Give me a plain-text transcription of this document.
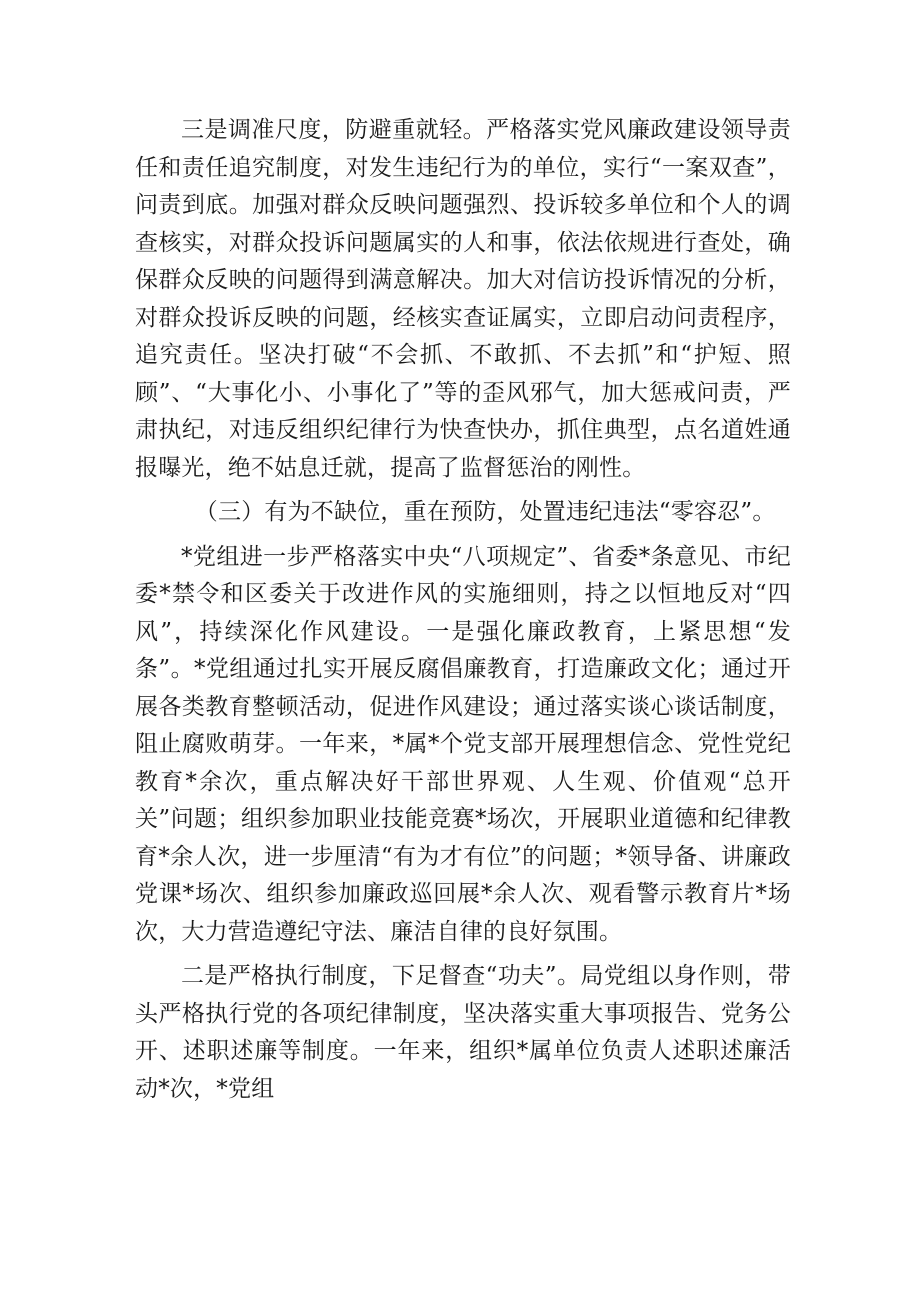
三是调准尺度，防避重就轻。严格落实党风廉政建设领导责任和责任追究制度，对发生违纪行为的单位，实行“一案双查”，问责到底。加强对群众反映问题强烈、投诉较多单位和个人的调查核实，对群众投诉问题属实的人和事，依法依规进行查处，确保群众反映的问题得到满意解决。加大对信访投诉情况的分析，对群众投诉反映的问题，经核实查证属实，立即启动问责程序，追究责任。坚决打破“不会抓、不敢抓、不去抓”和“护短、照顾”、“大事化小、小事化了”等的歪风邪气，加大惩戒问责，严肃执纪，对违反组织纪律行为快查快办，抓住典型，点名道姓通报曝光，绝不姑息迁就，提高了监督惩治的刚性。

（三）有为不缺位，重在预防，处置违纪违法“零容忍”。

*党组进一步严格落实中央“八项规定”、省委*条意见、市纪委*禁令和区委关于改进作风的实施细则，持之以恒地反对“四风”，持续深化作风建设。一是强化廉政教育，上紧思想“发条”。*党组通过扎实开展反腐倡廉教育，打造廉政文化；通过开展各类教育整顿活动，促进作风建设；通过落实谈心谈话制度，阻止腐败萌芽。一年来，*属*个党支部开展理想信念、党性党纪教育*余次，重点解决好干部世界观、人生观、价值观“总开关”问题；组织参加职业技能竞赛*场次，开展职业道德和纪律教育*余人次，进一步厘清“有为才有位”的问题；*领导备、讲廉政党课*场次、组织参加廉政巡回展*余人次、观看警示教育片*场次，大力营造遵纪守法、廉洁自律的良好氛围。

二是严格执行制度，下足督查“功夫”。局党组以身作则，带头严格执行党的各项纪律制度，坚决落实重大事项报告、党务公开、述职述廉等制度。一年来，组织*属单位负责人述职述廉活动*次，*党组
